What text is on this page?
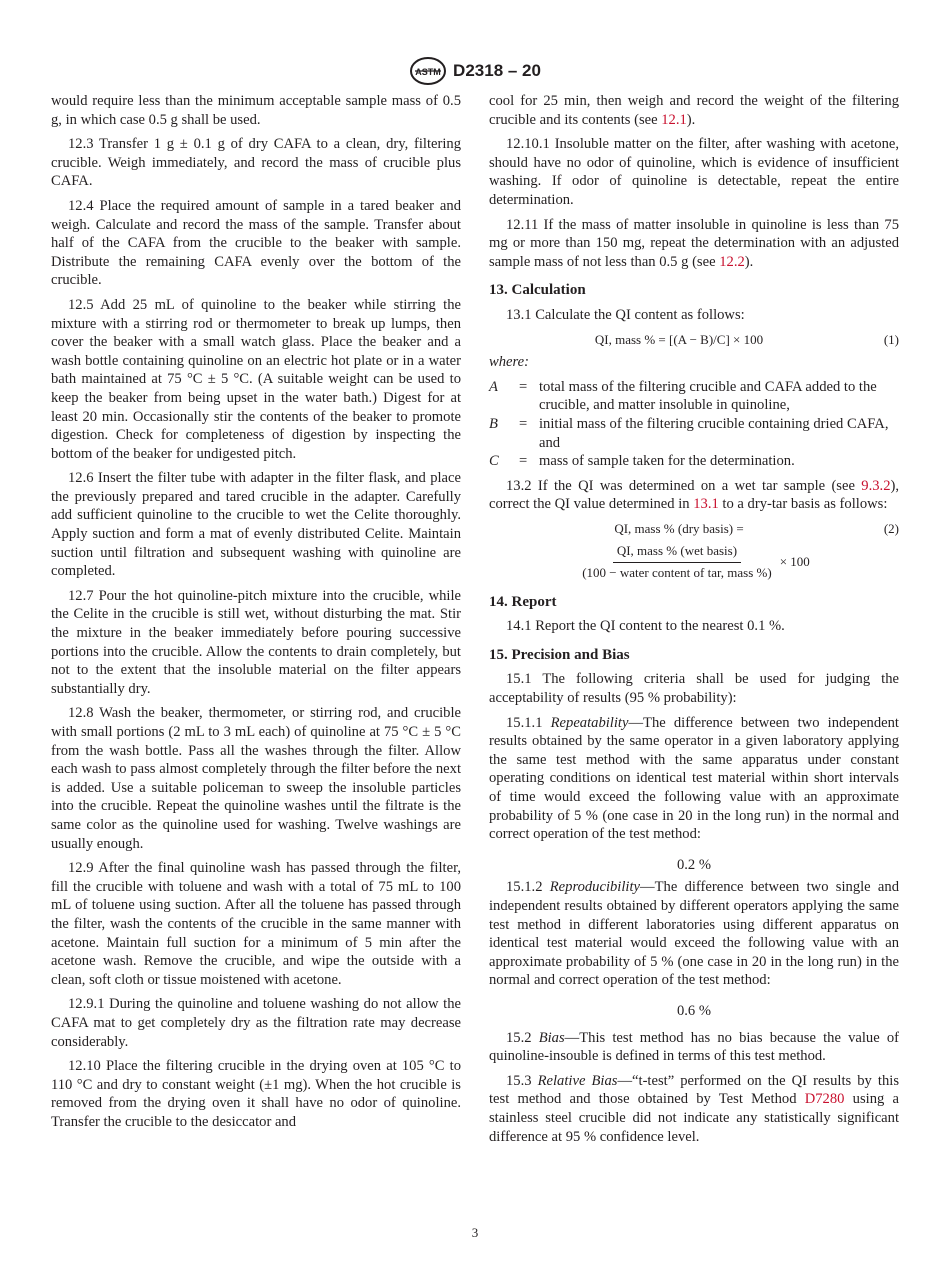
ASTM D2318 – 20

would require less than the minimum acceptable sample mass of 0.5 g, in which case 0.5 g shall be used.

12.3 Transfer 1 g ± 0.1 g of dry CAFA to a clean, dry, filtering crucible. Weigh immediately, and record the mass of crucible plus CAFA.

12.4 Place the required amount of sample in a tared beaker and weigh. Calculate and record the mass of the sample. Transfer about half of the CAFA from the crucible to the beaker with sample. Distribute the remaining CAFA evenly over the bottom of the crucible.

12.5 Add 25 mL of quinoline to the beaker while stirring the mixture with a stirring rod or thermometer to break up lumps, then cover the beaker with a small watch glass. Place the beaker and a wash bottle containing quinoline on an electric hot plate or in a water bath maintained at 75 °C ± 5 °C. (A suitable weight can be used to keep the beaker from being upset in the water bath.) Digest for at least 20 min. Occasionally stir the contents of the beaker to promote digestion. Check for completeness of digestion by inspecting the bottom of the beaker for undigested pitch.

12.6 Insert the filter tube with adapter in the filter flask, and place the previously prepared and tared crucible in the adapter. Carefully add sufficient quinoline to the crucible to wet the Celite thoroughly. Apply suction and form a mat of evenly distributed Celite. Maintain suction until filtration and subsequent washing with quinoline are completed.

12.7 Pour the hot quinoline-pitch mixture into the crucible, while the Celite in the crucible is still wet, without disturbing the mat. Stir the mixture in the beaker immediately before pouring successive portions into the crucible. Allow the contents to drain completely, but not to the extent that the insoluble material on the filter appears substantially dry.

12.8 Wash the beaker, thermometer, or stirring rod, and crucible with small portions (2 mL to 3 mL each) of quinoline at 75 °C ± 5 °C from the wash bottle. Pass all the washes through the filter. Allow each wash to pass almost completely through the filter before the next is added. Use a suitable policeman to sweep the insoluble particles into the crucible. Repeat the quinoline washes until the filtrate is the same color as the quinoline used for washing. Twelve washings are usually enough.

12.9 After the final quinoline wash has passed through the filter, fill the crucible with toluene and wash with a total of 75 mL to 100 mL of toluene using suction. After all the toluene has passed through the filter, wash the contents of the crucible in the same manner with acetone. Maintain full suction for a minimum of 5 min after the acetone wash. Remove the crucible, and wipe the outside with a clean, soft cloth or tissue moistened with acetone.

12.9.1 During the quinoline and toluene washing do not allow the CAFA mat to get completely dry as the filtration rate may decrease considerably.

12.10 Place the filtering crucible in the drying oven at 105 °C to 110 °C and dry to constant weight (±1 mg). When the hot crucible is removed from the drying oven it shall have no odor of quinoline. Transfer the crucible to the desiccator and

cool for 25 min, then weigh and record the weight of the filtering crucible and its contents (see 12.1).

12.10.1 Insoluble matter on the filter, after washing with acetone, should have no odor of quinoline, which is evidence of insufficient washing. If odor of quinoline is detectable, repeat the entire determination.

12.11 If the mass of matter insoluble in quinoline is less than 75 mg or more than 150 mg, repeat the determination with an adjusted sample mass of not less than 0.5 g (see 12.2).

13. Calculation

13.1 Calculate the QI content as follows:

QI, mass % = [(A − B)/C] × 100	(1)

where:

A	= total mass of the filtering crucible and CAFA added to the crucible, and matter insoluble in quinoline,
B	= initial mass of the filtering crucible containing dried CAFA, and
C	= mass of sample taken for the determination.

13.2 If the QI was determined on a wet tar sample (see 9.3.2), correct the QI value determined in 13.1 to a dry-tar basis as follows:

QI, mass % (dry basis) =	(2)
$\frac{\text{QI, mass \% (wet basis)}}{\text{(100 − water content of tar, mass \%)}} \times 100$
14. Report

14.1 Report the QI content to the nearest 0.1 %.

15. Precision and Bias

15.1 The following criteria shall be used for judging the acceptability of results (95 % probability):

15.1.1 Repeatability—The difference between two independent results obtained by the same operator in a given laboratory applying the same test method with the same apparatus under constant operating conditions on identical test material within short intervals of time would exceed the following value with an approximate probability of 5 % (one case in 20 in the long run) in the normal and correct operation of the test method:

0.2 %

15.1.2 Reproducibility—The difference between two single and independent results obtained by different operators applying the same test method in different laboratories using different apparatus on identical test material would exceed the following value with an approximate probability of 5 % (one case in 20 in the long run) in the normal and correct operation of the test method:

0.6 %

15.2 Bias—This test method has no bias because the value of quinoline-insouble is defined in terms of this test method.

15.3 Relative Bias—“t-test” performed on the QI results by this test method and those obtained by Test Method D7280 using a stainless steel crucible did not indicate any statistically significant difference at 95 % confidence level.

3
